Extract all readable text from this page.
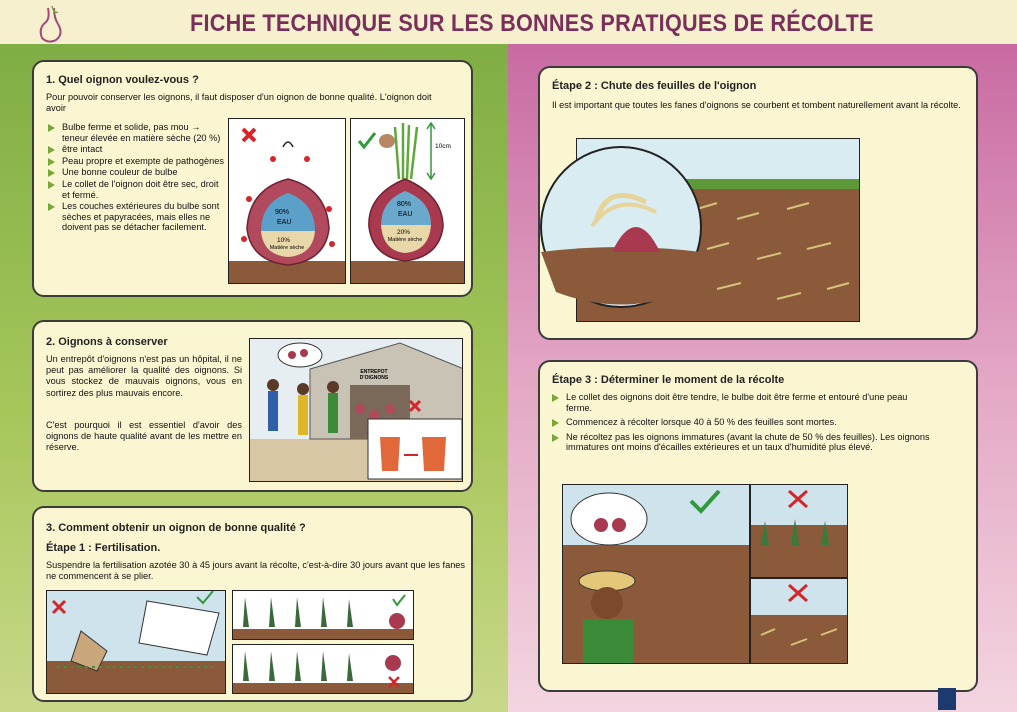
FICHE TECHNIQUE SUR LES BONNES PRATIQUES DE RÉCOLTE
1. Quel oignon voulez-vous ?
Pour pouvoir conserver les oignons, il faut disposer d'un oignon de bonne qualité. L'oignon doit avoir
Bulbe ferme et solide, pas mou → teneur élevée en matière sèche (20 %)
être intact
Peau propre et exempte de pathogènes
Une bonne couleur de bulbe
Le collet de l'oignon doit être sec, droit et fermé.
Les couches extérieures du bulbe sont sèches et papyracées, mais elles ne doivent pas se détacher facilement.
90%
EAU
10%
Matière sèche
10cm
80%
EAU
20%
Matière sèche
2. Oignons à conserver
Un entrepôt d'oignons n'est pas un hôpital, il ne peut pas améliorer la qualité des oignons. Si vous stockez de mauvais oignons, vous en sortirez des plus mauvais encore.
C'est pourquoi il est essentiel d'avoir des oignons de haute qualité avant de les mettre en réserve.
ENTREPOT D'OIGNONS
3. Comment obtenir un oignon de bonne qualité ?
Étape 1 : Fertilisation.
Suspendre la fertilisation azotée 30 à 45 jours avant la récolte, c'est-à-dire 30 jours avant que les fanes ne commencent à se plier.
Étape 2 : Chute des feuilles de l'oignon
Il est important que toutes les fanes d'oignons se courbent et tombent naturellement avant la récolte.
Étape 3 : Déterminer le moment de la récolte
Le collet des oignons doit être tendre, le bulbe doit être ferme et entouré d'une peau ferme.
Commencez à récolter lorsque 40 à 50 % des feuilles sont mortes.
Ne récoltez pas les oignons immatures (avant la chute de 50 % des feuilles). Les oignons immatures ont moins d'écailles extérieures et un taux d'humidité plus élevé.
